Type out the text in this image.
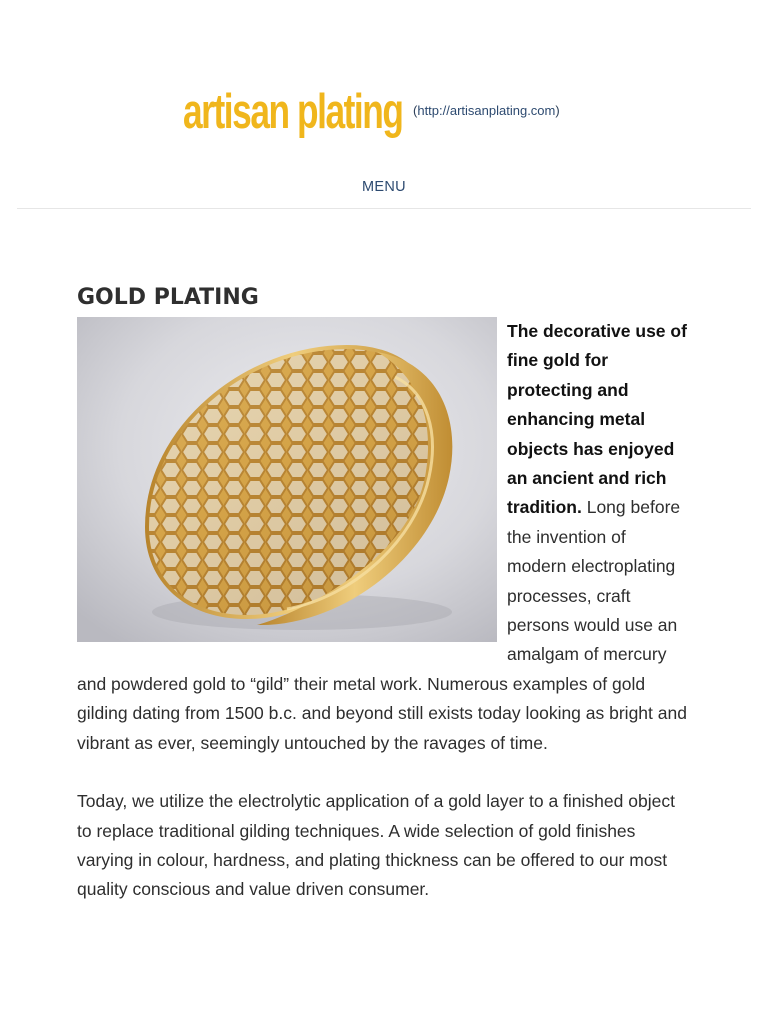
artisan plating (http://artisanplating.com)
MENU
GOLD PLATING

The decorative use of fine gold for protecting and enhancing metal objects has enjoyed an ancient and rich tradition. Long before the invention of modern electroplating processes, craft persons would use an amalgam of mercury and powdered gold to “gild” their metal work. Numerous examples of gold gilding dating from 1500 b.c. and beyond still exists today looking as bright and vibrant as ever, seemingly untouched by the ravages of time.

Today, we utilize the electrolytic application of a gold layer to a finished object to replace traditional gilding techniques. A wide selection of gold finishes varying in colour, hardness, and plating thickness can be offered to our most quality conscious and value driven consumer.
